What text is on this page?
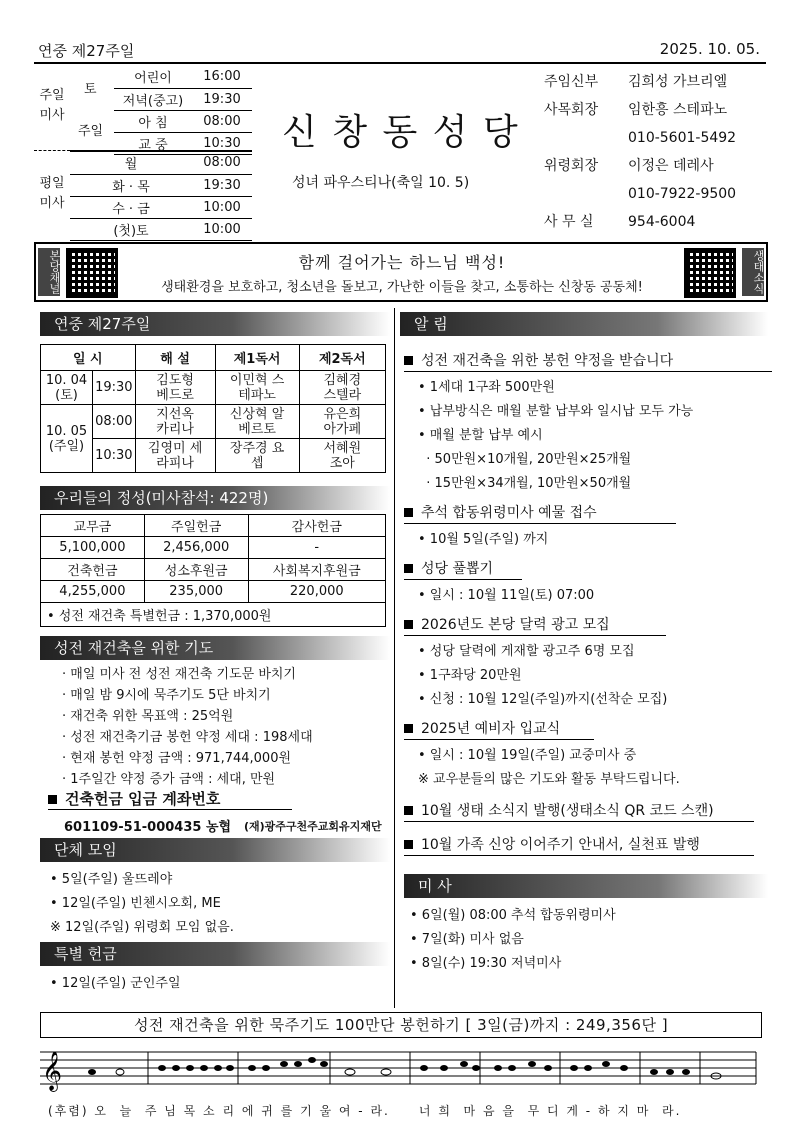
연중 제27주일	2025. 10. 05.
주일
미사
평일
미사
토
주일
어린이	16:00
저녁(중고)	19:30
아 침	08:00
교 중	10:30
월	08:00
화 · 목	19:30
수 · 금	10:00
(첫)토	10:00
신 창 동 성 당
성녀 파우스티나(축일 10. 5)
주임신부 김희성 가브리엘
사목회장 임한흥 스테파노
010-5601-5492
위령회장 이정은 데레사
010-7922-9500
사 무 실 954-6004
본당채널	함께 걸어가는 하느님 백성!
생태환경을 보호하고, 청소년을 돌보고, 가난한 이들을 찾고, 소통하는 신창동 공동체!	생태소식
연중 제27주일
일 시		해 설	제1독서	제2독서

10. 04
(토)	19:30	김도형 베드로	이민혁 스테파노	김혜경 스텔라

10. 05
(주일)	08:00	지선옥 카리나	신상혁 알베르토	유은희 아가페
	10:30	김영미 세라피나	장주경 요셉	서혜원 조아
우리들의 정성(미사참석: 422명)
교무금	주일헌금	감사헌금
5,100,000	2,456,000	-
건축헌금	성소후원금	사회복지후원금
4,255,000	235,000	220,000
• 성전 재건축 특별헌금 : 1,370,000원		
성전 재건축을 위한 기도
· 매일 미사 전 성전 재건축 기도문 바치기
· 매일 밤 9시에 묵주기도 5단 바치기
· 재건축 위한 목표액 : 25억원
· 성전 재건축기금 봉헌 약정 세대 : 198세대
· 현재 봉헌 약정 금액 : 971,744,000원
· 1주일간 약정 증가 금액 : 세대, 만원
건축헌금 입금 계좌번호
601109-51-000435 농협 (재)광주구천주교회유지재단
단체 모임
• 5일(주일) 울뜨레야
• 12일(주일) 빈첸시오회, ME
※ 12일(주일) 위령회 모임 없음.
특별 헌금
• 12일(주일) 군인주일
알 림
성전 재건축을 위한 봉헌 약정을 받습니다
• 1세대 1구좌 500만원
• 납부방식은 매월 분할 납부와 일시납 모두 가능
• 매월 분할 납부 예시
· 50만원×10개월, 20만원×25개월
· 15만원×34개월, 10만원×50개월
추석 합동위령미사 예물 접수
• 10월 5일(주일) 까지
성당 풀뽑기
• 일시 : 10월 11일(토) 07:00
2026년도 본당 달력 광고 모집
• 성당 달력에 게재할 광고주 6명 모집
• 1구좌당 20만원
• 신청 : 10월 12일(주일)까지(선착순 모집)
2025년 예비자 입교식
• 일시 : 10월 19일(주일) 교중미사 중
※ 교우분들의 많은 기도와 활동 부탁드립니다.
10월 생태 소식지 발행(생태소식 QR 코드 스캔)
10월 가족 신앙 이어주기 안내서, 실천표 발행
미 사
• 6일(월) 08:00 추석 합동위령미사
• 7일(화) 미사 없음
• 8일(수) 19:30 저녁미사
성전 재건축을 위한 묵주기도 100만단 봉헌하기 [ 3일(금)까지 : 249,356단 ]
𝄞
(후렴) 오  늘  주 님 목 소 리 에 귀 를 기 울 여 - 라.     너 희  마 음 을  무 디 게 - 하 지 마  라.
